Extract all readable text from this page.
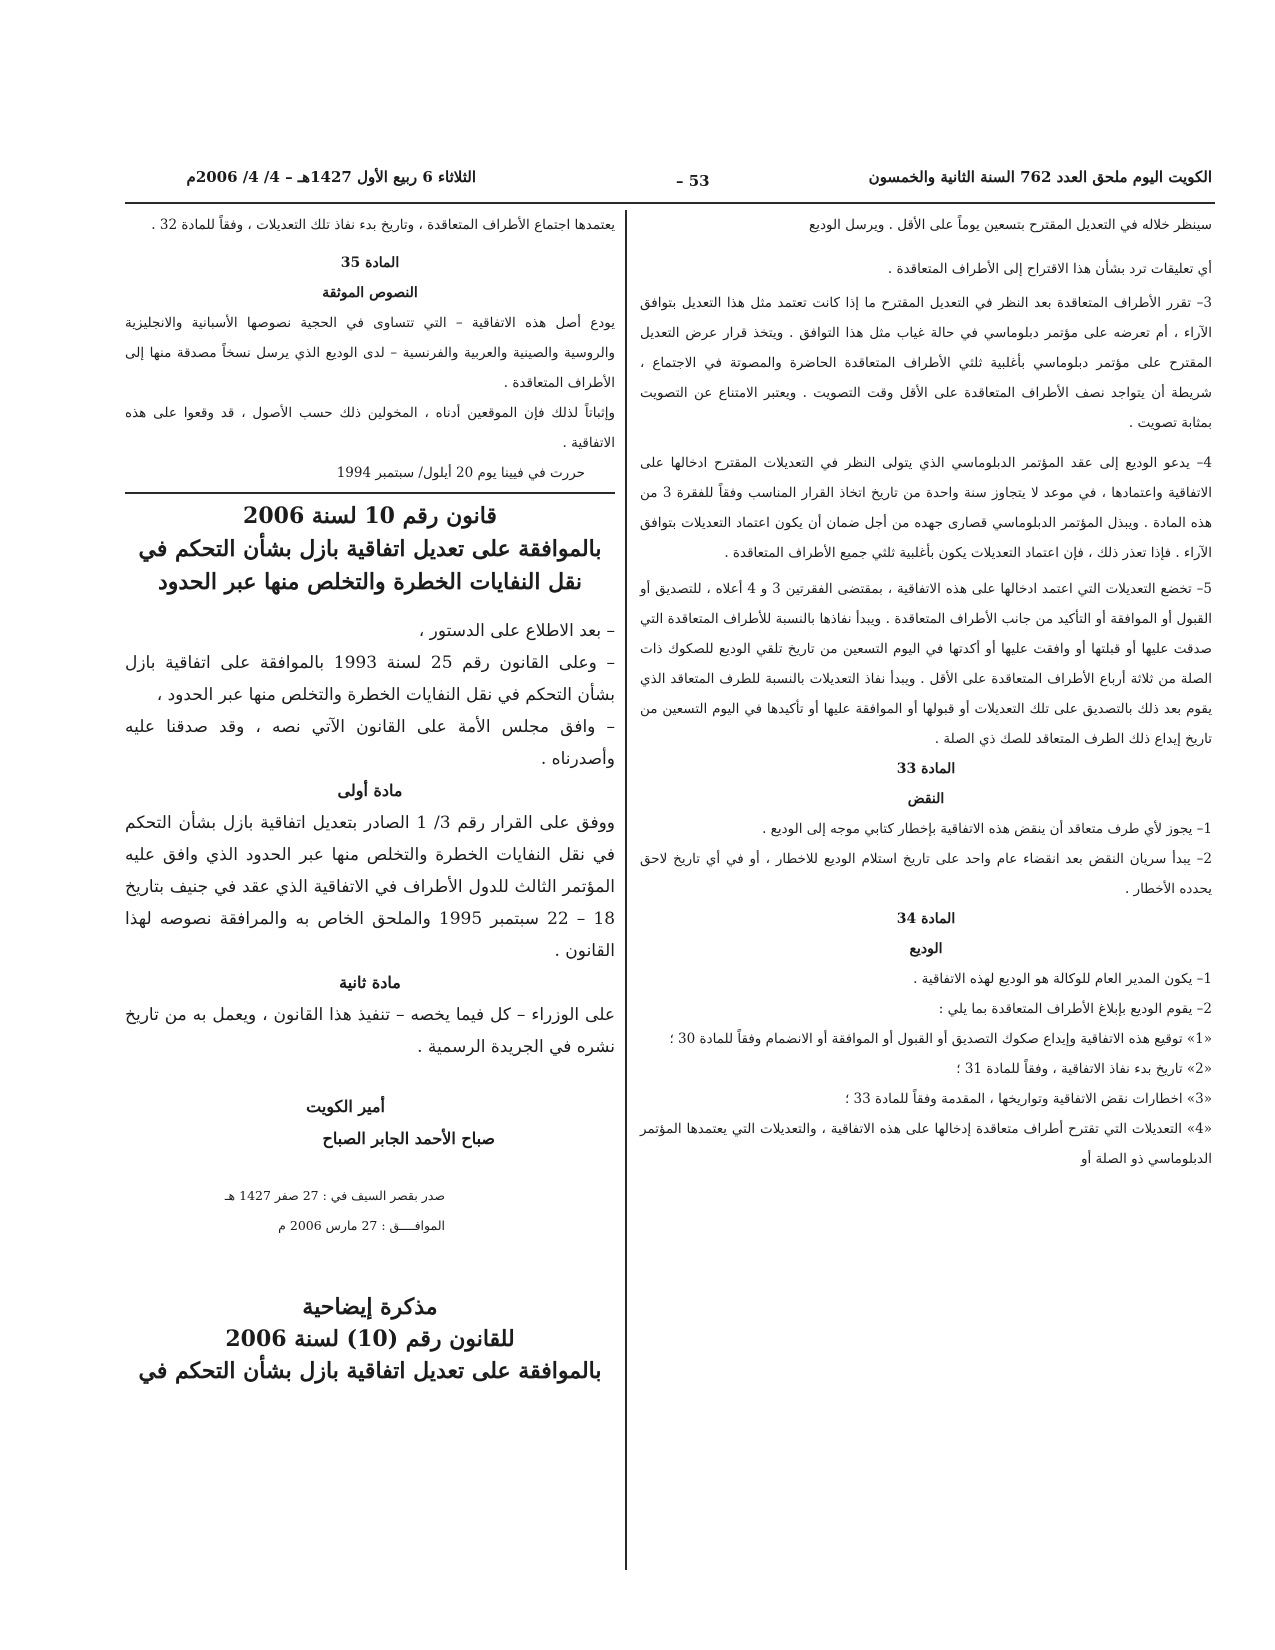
الكويت اليوم ملحق العدد 762 السنة الثانية والخمسون
53 –
الثلاثاء 6 ربيع الأول 1427هـ – 4/ 4/ 2006م

سينظر خلاله في التعديل المقترح بتسعين يوماً على الأقل . ويرسل الوديع

أي تعليقات ترد بشأن هذا الاقتراح إلى الأطراف المتعاقدة .

3– تقرر الأطراف المتعاقدة بعد النظر في التعديل المقترح ما إذا كانت تعتمد مثل هذا التعديل بتوافق الآراء ، أم تعرضه على مؤتمر دبلوماسي في حالة غياب مثل هذا التوافق . ويتخذ قرار عرض التعديل المقترح على مؤتمر دبلوماسي بأغلبية ثلثي الأطراف المتعاقدة الحاضرة والمصوتة في الاجتماع ، شريطة أن يتواجد نصف الأطراف المتعاقدة على الأقل وقت التصويت . ويعتبر الامتناع عن التصويت بمثابة تصويت .

4– يدعو الوديع إلى عقد المؤتمر الدبلوماسي الذي يتولى النظر في التعديلات المقترح ادخالها على الاتفاقية واعتمادها ، في موعد لا يتجاوز سنة واحدة من تاريخ اتخاذ القرار المناسب وفقاً للفقرة 3 من هذه المادة . ويبذل المؤتمر الدبلوماسي قصارى جهده من أجل ضمان أن يكون اعتماد التعديلات بتوافق الآراء . فإذا تعذر ذلك ، فإن اعتماد التعديلات يكون بأغلبية ثلثي جميع الأطراف المتعاقدة .

5– تخضع التعديلات التي اعتمد ادخالها على هذه الاتفاقية ، بمقتضى الفقرتين 3 و 4 أعلاه ، للتصديق أو القبول أو الموافقة أو التأكيد من جانب الأطراف المتعاقدة . ويبدأ نفاذها بالنسبة للأطراف المتعاقدة التي صدقت عليها أو قبلتها أو وافقت عليها أو أكدتها في اليوم التسعين من تاريخ تلقي الوديع للصكوك ذات الصلة من ثلاثة أرباع الأطراف المتعاقدة على الأقل . ويبدأ نفاذ التعديلات بالنسبة للطرف المتعاقد الذي يقوم بعد ذلك بالتصديق على تلك التعديلات أو قبولها أو الموافقة عليها أو تأكيدها في اليوم التسعين من تاريخ إيداع ذلك الطرف المتعاقد للصك ذي الصلة .

المادة 33

النقض

1– يجوز لأي طرف متعاقد أن ينقض هذه الاتفاقية بإخطار كتابي موجه إلى الوديع .

2– يبدأ سريان النقض بعد انقضاء عام واحد على تاريخ استلام الوديع للاخطار ، أو في أي تاريخ لاحق يحدده الأخطار .

المادة 34

الوديع

1– يكون المدير العام للوكالة هو الوديع لهذه الاتفاقية .

2– يقوم الوديع بإبلاغ الأطراف المتعاقدة بما يلي :

«1» توقيع هذه الاتفاقية وإيداع صكوك التصديق أو القبول أو الموافقة أو الانضمام وفقاً للمادة 30 ؛

«2» تاريخ بدء نفاذ الاتفاقية ، وفقاً للمادة 31 ؛

«3» اخطارات نقض الاتفاقية وتواريخها ، المقدمة وفقاً للمادة 33 ؛

«4» التعديلات التي تقترح أطراف متعاقدة إدخالها على هذه الاتفاقية ، والتعديلات التي يعتمدها المؤتمر الدبلوماسي ذو الصلة أو

يعتمدها اجتماع الأطراف المتعاقدة ، وتاريخ بدء نفاذ تلك التعديلات ، وفقاً للمادة 32 .

المادة 35

النصوص الموثقة

يودع أصل هذه الاتفاقية – التي تتساوى في الحجية نصوصها الأسبانية والانجليزية والروسية والصينية والعربية والفرنسية – لدى الوديع الذي يرسل نسخاً مصدقة منها إلى الأطراف المتعاقدة .

وإثباتاً لذلك فإن الموقعين أدناه ، المخولين ذلك حسب الأصول ، قد وقعوا على هذه الاتفاقية .

حررت في فيينا يوم 20 أيلول/ سبتمبر 1994

قانون رقم 10 لسنة 2006

بالموافقة على تعديل اتفاقية بازل بشأن التحكم في

نقل النفايات الخطرة والتخلص منها عبر الحدود

– بعد الاطلاع على الدستور ،

– وعلى القانون رقم 25 لسنة 1993 بالموافقة على اتفاقية بازل بشأن التحكم في نقل النفايات الخطرة والتخلص منها عبر الحدود ،

– وافق مجلس الأمة على القانون الآتي نصه ، وقد صدقنا عليه وأصدرناه .

مادة أولى

ووفق على القرار رقم 3/ 1 الصادر بتعديل اتفاقية بازل بشأن التحكم في نقل النفايات الخطرة والتخلص منها عبر الحدود الذي وافق عليه المؤتمر الثالث للدول الأطراف في الاتفاقية الذي عقد في جنيف بتاريخ 18 – 22 سبتمبر 1995 والملحق الخاص به والمرافقة نصوصه لهذا القانون .

مادة ثانية

على الوزراء – كل فيما يخصه – تنفيذ هذا القانون ، ويعمل به من تاريخ نشره في الجريدة الرسمية .

أمير الكويت

صباح الأحمد الجابر الصباح

صدر بقصر السيف في : 27 صفر 1427 هـ

الموافــــق : 27 مارس 2006 م

مذكرة إيضاحية

للقانون رقم (10) لسنة 2006

بالموافقة على تعديل اتفاقية بازل بشأن التحكم في
